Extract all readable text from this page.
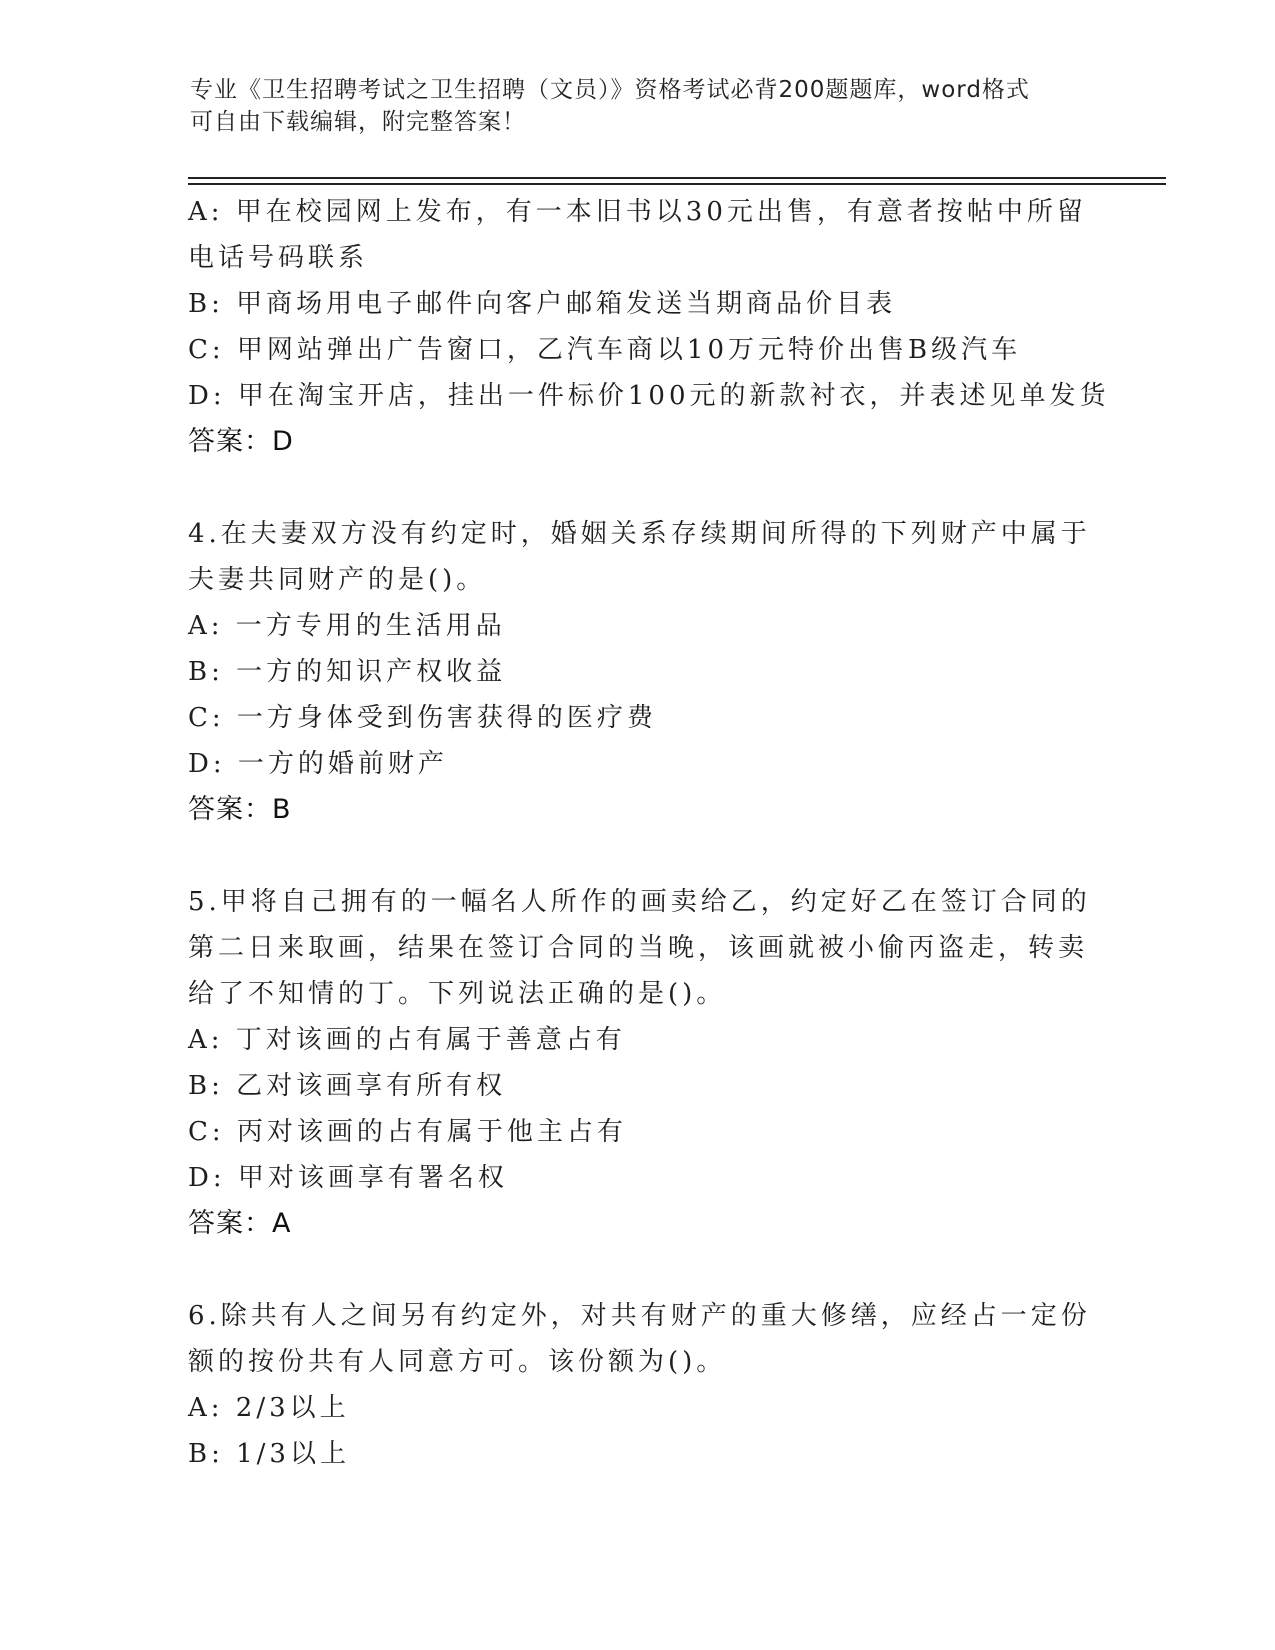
专业《卫生招聘考试之卫生招聘（文员）》资格考试必背200题题库，word格式
可自由下载编辑，附完整答案！
A: 甲在校园网上发布，有一本旧书以30元出售，有意者按帖中所留
电话号码联系
B: 甲商场用电子邮件向客户邮箱发送当期商品价目表
C: 甲网站弹出广告窗口，乙汽车商以10万元特价出售B级汽车
D: 甲在淘宝开店，挂出一件标价100元的新款衬衣，并表述见单发货
答案：D
4.在夫妻双方没有约定时，婚姻关系存续期间所得的下列财产中属于
夫妻共同财产的是()。
A: 一方专用的生活用品
B: 一方的知识产权收益
C: 一方身体受到伤害获得的医疗费
D: 一方的婚前财产
答案：B
5.甲将自己拥有的一幅名人所作的画卖给乙，约定好乙在签订合同的
第二日来取画，结果在签订合同的当晚，该画就被小偷丙盗走，转卖
给了不知情的丁。下列说法正确的是()。
A: 丁对该画的占有属于善意占有
B: 乙对该画享有所有权
C: 丙对该画的占有属于他主占有
D: 甲对该画享有署名权
答案：A
6.除共有人之间另有约定外，对共有财产的重大修缮，应经占一定份
额的按份共有人同意方可。该份额为()。
A: 2/3以上
B: 1/3以上
